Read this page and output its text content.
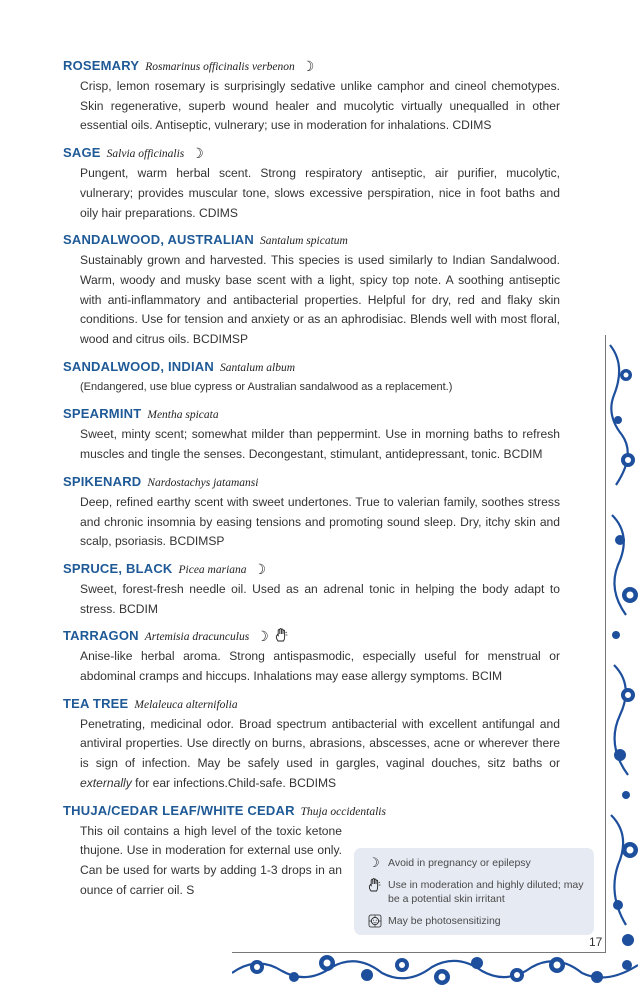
ROSEMARY Rosmarinus officinalis verbenon ☽

Crisp, lemon rosemary is surprisingly sedative unlike camphor and cineol chemotypes. Skin regenerative, superb wound healer and mucolytic virtually unequalled in other essential oils. Antiseptic, vulnerary; use in moderation for inhalations. CDIMS

SAGE Salvia officinalis ☽

Pungent, warm herbal scent. Strong respiratory antiseptic, air purifier, mucolytic, vulnerary; provides muscular tone, slows excessive perspiration, nice in foot baths and oily hair preparations. CDIMS

SANDALWOOD, AUSTRALIAN Santalum spicatum

Sustainably grown and harvested. This species is used similarly to Indian Sandalwood. Warm, woody and musky base scent with a light, spicy top note. A soothing antiseptic with anti-inflammatory and antibacterial properties. Helpful for dry, red and flaky skin conditions. Use for tension and anxiety or as an aphrodisiac. Blends well with most floral, wood and citrus oils. BCDIMSP

SANDALWOOD, INDIAN Santalum album

(Endangered, use blue cypress or Australian sandalwood as a replacement.)

SPEARMINT Mentha spicata

Sweet, minty scent; somewhat milder than peppermint. Use in morning baths to refresh muscles and tingle the senses. Decongestant, stimulant, antidepressant, tonic. BCDIM

SPIKENARD Nardostachys jatamansi

Deep, refined earthy scent with sweet undertones. True to valerian family, soothes stress and chronic insomnia by easing tensions and promoting sound sleep. Dry, itchy skin and scalp, psoriasis. BCDIMSP

SPRUCE, BLACK Picea mariana ☽

Sweet, forest-fresh needle oil. Used as an adrenal tonic in helping the body adapt to stress. BCDIM

TARRAGON Artemisia dracunculus ☽

Anise-like herbal aroma. Strong antispasmodic, especially useful for menstrual or abdominal cramps and hiccups. Inhalations may ease allergy symptoms. BCIM

TEA TREE Melaleuca alternifolia

Penetrating, medicinal odor. Broad spectrum antibacterial with excellent antifungal and antiviral properties. Use directly on burns, abrasions, abscesses, acne or wherever there is sign of infection. May be safely used in gargles, vaginal douches, sitz baths or externally for ear infections.Child-safe. BCDIMS

THUJA/CEDAR LEAF/WHITE CEDAR Thuja occidentalis

This oil contains a high level of the toxic ketone thujone. Use in moderation for external use only. Can be used for warts by adding 1-3 drops in an ounce of carrier oil. S

☽ Avoid in pregnancy or epilepsy
Use in moderation and highly diluted; may be a potential skin irritant
May be photosensitizing
17
